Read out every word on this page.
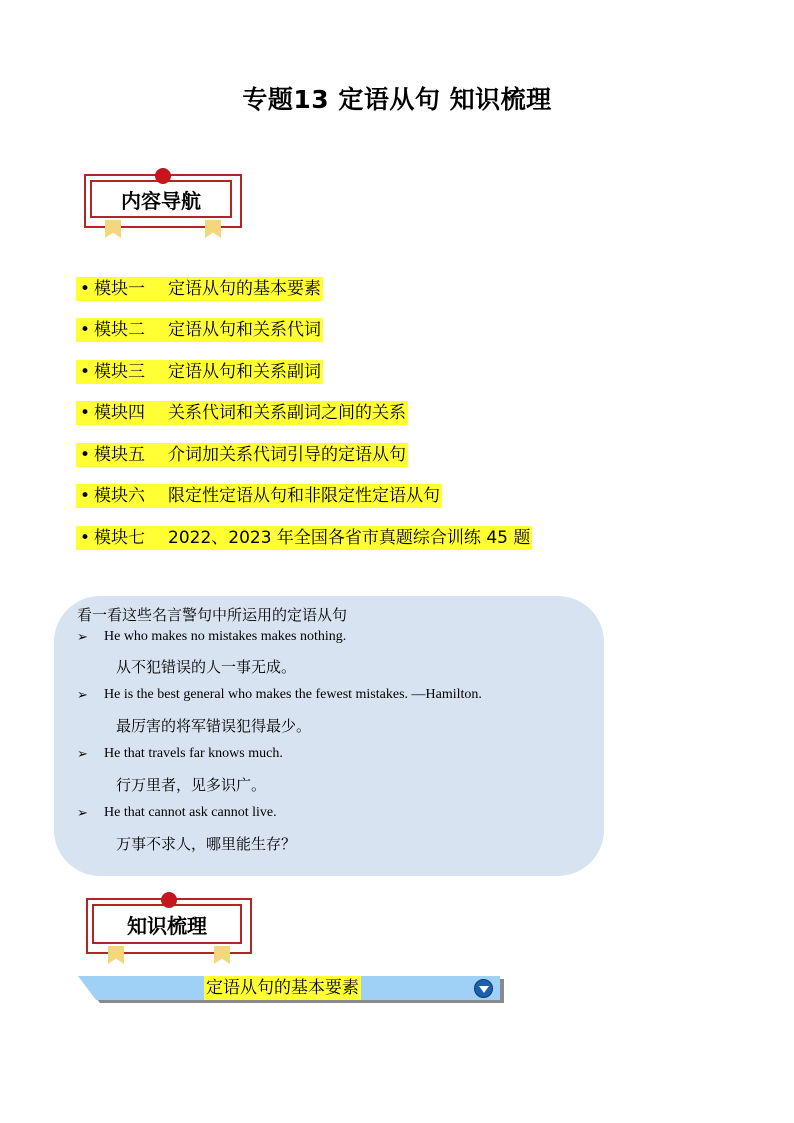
专题13 定语从句 知识梳理
内容导航
• 模块一 定语从句的基本要素
• 模块二 定语从句和关系代词
• 模块三 定语从句和关系副词
• 模块四 关系代词和关系副词之间的关系
• 模块五 介词加关系代词引导的定语从句
• 模块六 限定性定语从句和非限定性定语从句
• 模块七 2022、2023 年全国各省市真题综合训练 45 题
看一看这些名言警句中所运用的定语从句
➢ He who makes no mistakes makes nothing.
从不犯错误的人一事无成。
➢ He is the best general who makes the fewest mistakes. —Hamilton.
最厉害的将军错误犯得最少。
➢ He that travels far knows much.
行万里者，见多识广。
➢ He that cannot ask cannot live.
万事不求人，哪里能生存？
知识梳理
定语从句的基本要素
